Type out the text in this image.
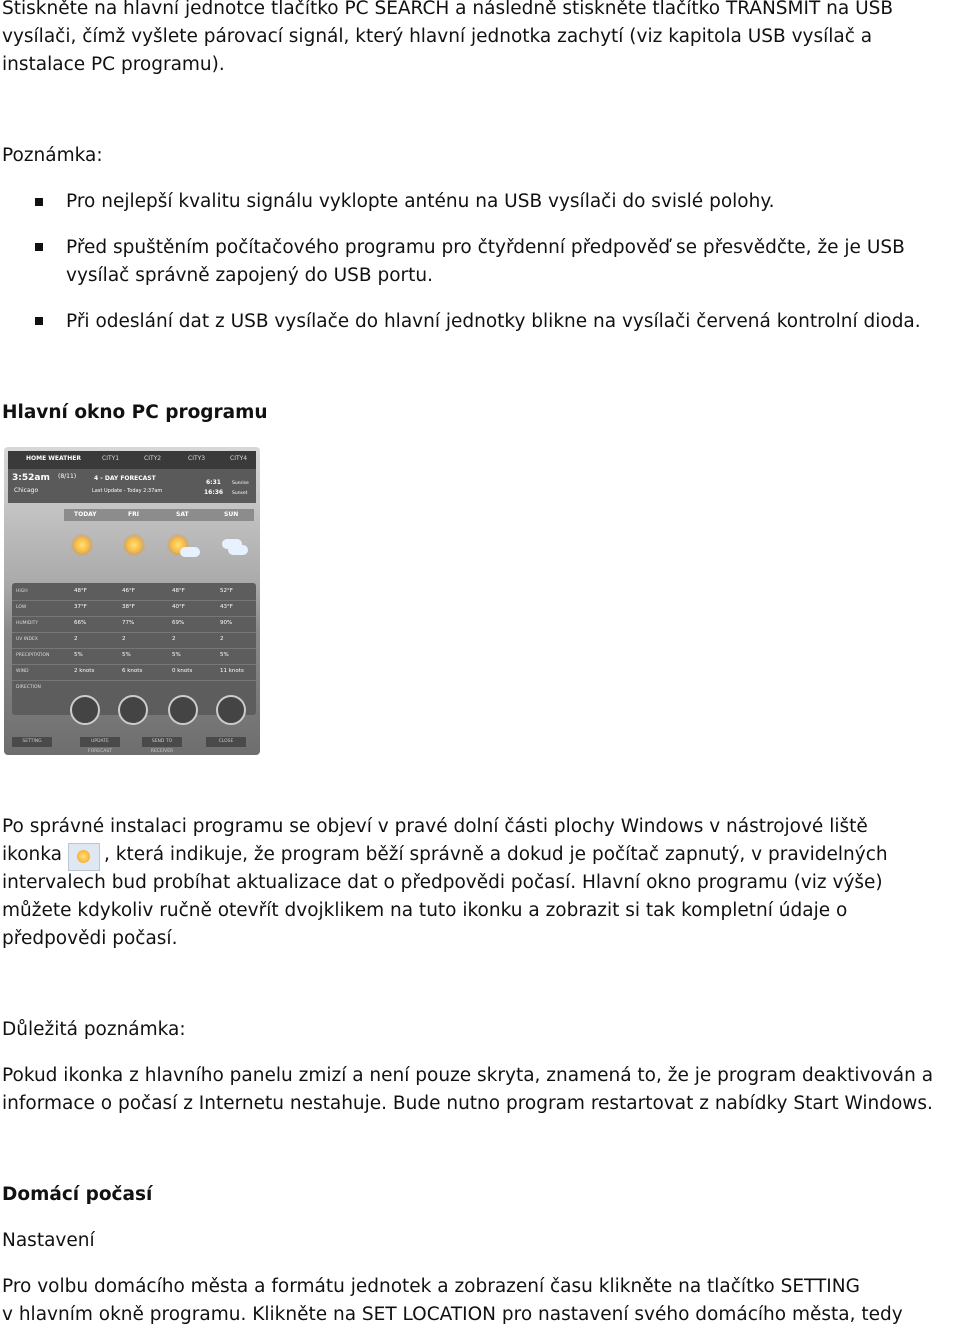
Stiskněte na hlavní jednotce tlačítko PC SEARCH a následně stiskněte tlačítko TRANSMIT na USB

vysílači, čímž vyšlete párovací signál, který hlavní jednotka zachytí (viz kapitola USB vysílač a

instalace PC programu).

Poznámka:

Pro nejlepší kvalitu signálu vyklopte anténu na USB vysílači do svislé polohy.
Před spuštěním počítačového programu pro čtyřdenní předpověď se přesvědčte, že je USB
vysílač správně zapojený do USB portu.
Při odeslání dat z USB vysílače do hlavní jednotky blikne na vysílači červená kontrolní dioda.

Hlavní okno PC programu

HOME WEATHER	CITY1	CITY2	CITY3	CITY4
3:52am (8/11)
Chicago
4 - DAY FORECAST
Last Update - Today 2:37am
6:31 Sunrise
16:36 Sunset
TODAY	FRI	SAT	SUN
HIGH	48°F	46°F	48°F	52°F
LOW	37°F	38°F	40°F	43°F
HUMIDITY	66%	77%	69%	90%
UV INDEX	2	2	2	2
PRECIPITATION	5%	5%	5%	5%
WIND	2 knots	6 knots	0 knots	11 knots
DIRECTION
SETTING	UPDATE FORECAST
SEND TO RECEIVER
CLOSE

Po správné instalaci programu se objeví v pravé dolní části plochy Windows v nástrojové liště

ikonka , která indikuje, že program běží správně a dokud je počítač zapnutý, v pravidelných

intervalech bud probíhat aktualizace dat o předpovědi počasí. Hlavní okno programu (viz výše)

můžete kdykoliv ručně otevřít dvojklikem na tuto ikonku a zobrazit si tak kompletní údaje o

předpovědi počasí.

Důležitá poznámka:

Pokud ikonka z hlavního panelu zmizí a není pouze skryta, znamená to, že je program deaktivován a

informace o počasí z Internetu nestahuje. Bude nutno program restartovat z nabídky Start Windows.

Domácí počasí

Nastavení

Pro volbu domácího města a formátu jednotek a zobrazení času klikněte na tlačítko SETTING

v hlavním okně programu. Klikněte na SET LOCATION pro nastavení svého domácího města, tedy
